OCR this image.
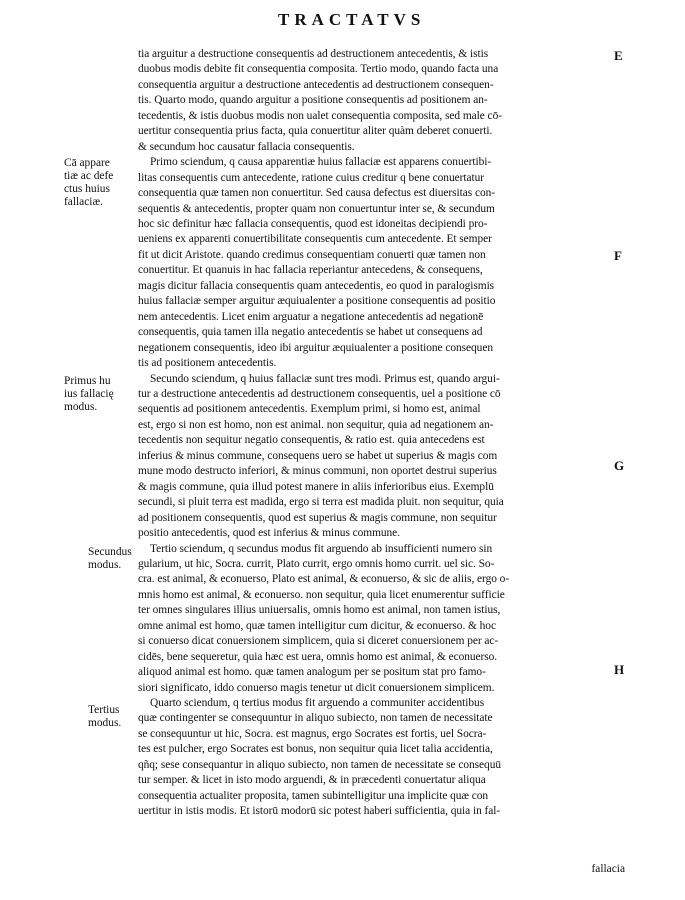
TRACTATVS
Cā appare
tiæ ac defe
ctus huius
fallaciæ.
Primus hu
ius fallacię
modus.
Secundus
modus.
Tertius
modus.
E
F
G
H
tia arguitur a destructione consequentis ad destructionem antecedentis, & istis
duobus modis debite fit consequentia composita. Tertio modo, quando facta una
consequentia arguitur a destructione antecedentis ad destructionem consequen-
tis. Quarto modo, quando arguitur a positione consequentis ad positionem an-
tecedentis, & istis duobus modis non ualet consequentia composita, sed male cō-
uertitur consequentia prius facta, quia conuertitur aliter quàm deberet conuerti.
& secundum hoc causatur fallacia consequentis.
Primo sciendum, q causa apparentiæ huius fallaciæ est apparens conuertibi-
litas consequentis cum antecedente, ratione cuius creditur q bene conuertatur
consequentia quæ tamen non conuertitur. Sed causa defectus est diuersitas con-
sequentis & antecedentis, propter quam non conuertuntur inter se, & secundum
hoc sic definitur hæc fallacia consequentis, quod est idoneitas decipiendi pro-
ueniens ex apparenti conuertibilitate consequentis cum antecedente. Et semper
fit ut dicit Aristote. quando credimus consequentiam conuerti quæ tamen non
conuertitur. Et quanuis in hac fallacia reperiantur antecedens, & consequens,
magis dicitur fallacia consequentis quam antecedentis, eo quod in paralogismis
huius fallaciæ semper arguitur æquiualenter a positione consequentis ad positio
nem antecedentis. Licet enim arguatur a negatione antecedentis ad negationē
consequentis, quia tamen illa negatio antecedentis se habet ut consequens ad
negationem consequentis, ideo ibi arguitur æquiualenter a positione consequen
tis ad positionem antecedentis.
Secundo sciendum, q huius fallaciæ sunt tres modi. Primus est, quando argui-
tur a destructione antecedentis ad destructionem consequentis, uel a positione cō
sequentis ad positionem antecedentis. Exemplum primi, si homo est, animal
est, ergo si non est homo, non est animal. non sequitur, quia ad negationem an-
tecedentis non sequitur negatio consequentis, & ratio est. quia antecedens est
inferius & minus commune, consequens uero se habet ut superius & magis com
mune modo destructo inferiori, & minus communi, non oportet destrui superius
& magis commune, quia illud potest manere in aliis inferioribus eius. Exemplū
secundi, si pluit terra est madida, ergo si terra est madida pluit. non sequitur, quia
ad positionem consequentis, quod est superius & magis commune, non sequitur
positio antecedentis, quod est inferius & minus commune.
Tertio sciendum, q secundus modus fit arguendo ab insufficienti numero sin
gularium, ut hic, Socra. currit, Plato currit, ergo omnis homo currit. uel sic. So-
cra. est animal, & econuerso, Plato est animal, & econuerso, & sic de aliis, ergo o-
mnis homo est animal, & econuerso. non sequitur, quia licet enumerentur sufficie
ter omnes singulares illius uniuersalis, omnis homo est animal, non tamen istius,
omne animal est homo, quæ tamen intelligitur cum dicitur, & econuerso. & hoc
si conuerso dicat conuersionem simplicem, quia si diceret conuersionem per ac-
cidēs, bene sequeretur, quia hæc est uera, omnis homo est animal, & econuerso.
aliquod animal est homo. quæ tamen analogum per se positum stat pro famo-
siori significato, iddo conuerso magis tenetur ut dicit conuersionem simplicem.
Quarto sciendum, q tertius modus fit arguendo a communiter accidentibus
quæ contingenter se consequuntur in aliquo subiecto, non tamen de necessitate
se consequuntur ut hic, Socra. est magnus, ergo Socrates est fortis, uel Socra-
tes est pulcher, ergo Socrates est bonus, non sequitur quia licet talia accidentia,
qñq; sese consequantur in aliquo subiecto, non tamen de necessitate se consequū
tur semper. & licet in isto modo arguendi, & in præcedenti conuertatur aliqua
consequentia actualiter proposita, tamen subintelligitur una implicite quæ con
uertitur in istis modis. Et istorū modorū sic potest haberi sufficientia, quia in fal-
fallacia
